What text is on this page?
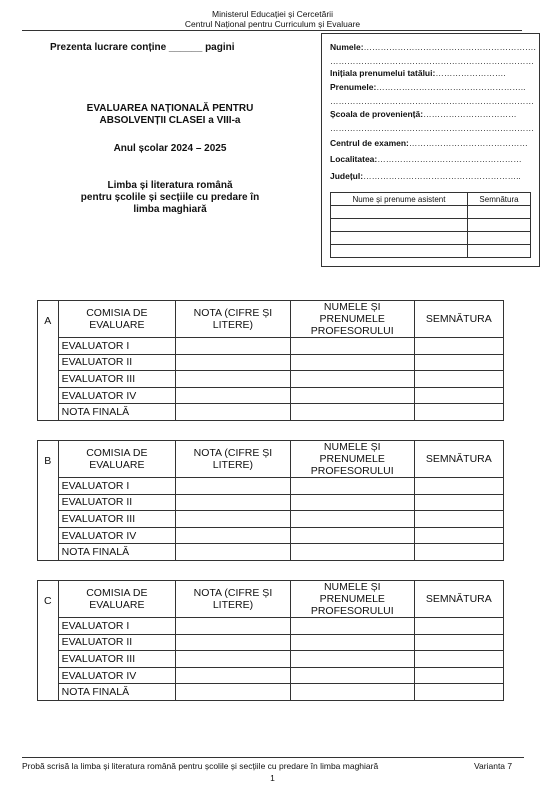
Ministerul Educației și Cercetării
Centrul Național pentru Curriculum și Evaluare
Prezenta lucrare conține ______ pagini
EVALUAREA NAȚIONALĂ PENTRU
ABSOLVENȚII CLASEI a VIII-a
Anul școlar 2024 – 2025
Limba și literatura română
pentru școlile și secțiile cu predare în
limba maghiară
Numele:…………………………………………………….
………………………………………………………………
Inițiala prenumelui tatălui:…………………….
Prenumele:……………………………………………..
………………………………………………………………
Școala de proveniență:……………………………
………………………………………………………………
Centrul de examen:……………………………………
Localitatea:……………………………………………
Județul:………………………………………………..
Nume și prenume asistent	Semnătura

A	COMISIA DE EVALUARE	NOTA (CIFRE ȘI LITERE)	NUMELE ȘI PRENUMELE PROFESORULUI	SEMNĂTURA
	EVALUATOR I			
	EVALUATOR II			
	EVALUATOR III			
	EVALUATOR IV			
	NOTA FINALĂ			
B	COMISIA DE EVALUARE	NOTA (CIFRE ȘI LITERE)	NUMELE ȘI PRENUMELE PROFESORULUI	SEMNĂTURA
	EVALUATOR I			
	EVALUATOR II			
	EVALUATOR III			
	EVALUATOR IV			
	NOTA FINALĂ			
C	COMISIA DE EVALUARE	NOTA (CIFRE ȘI LITERE)	NUMELE ȘI PRENUMELE PROFESORULUI	SEMNĂTURA
	EVALUATOR I			
	EVALUATOR II			
	EVALUATOR III			
	EVALUATOR IV			
	NOTA FINALĂ			
Probă scrisă la limba și literatura română pentru școlile și secțiile cu predare în limba maghiară	Varianta 7
1
